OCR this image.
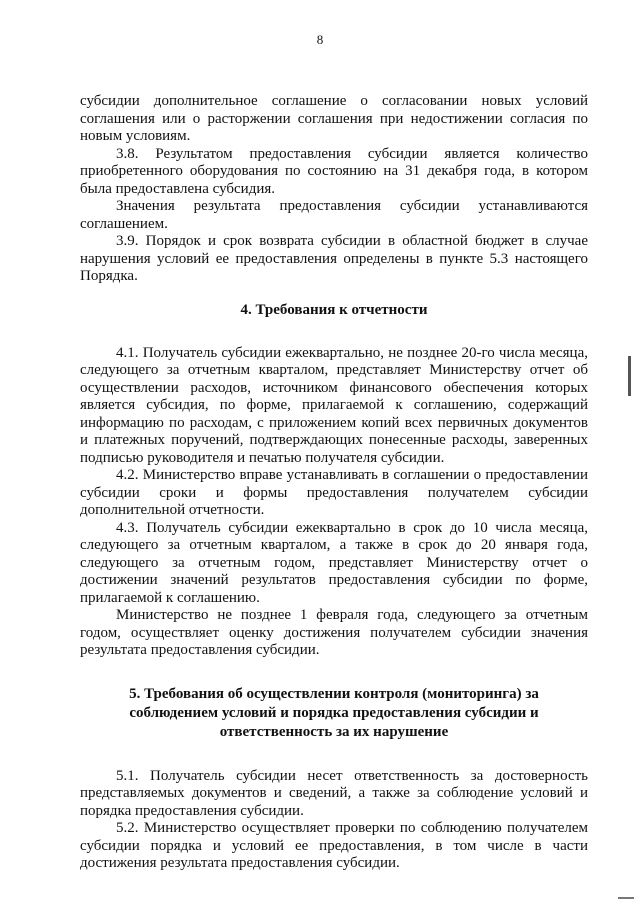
8

субсидии дополнительное соглашение о согласовании новых условий соглашения или о расторжении соглашения при недостижении согласия по новым условиям.

3.8. Результатом предоставления субсидии является количество приобретенного оборудования по состоянию на 31 декабря года, в котором была предоставлена субсидия.

Значения результата предоставления субсидии устанавливаются

соглашением.

3.9. Порядок и срок возврата субсидии в областной бюджет в случае нарушения условий ее предоставления определены в пункте 5.3 настоящего Порядка.

4. Требования к отчетности

4.1. Получатель субсидии ежеквартально, не позднее 20-го числа месяца, следующего за отчетным кварталом, представляет Министерству отчет об осуществлении расходов, источником финансового обеспечения которых является субсидия, по форме, прилагаемой к соглашению, содержащий информацию по расходам, с приложением копий всех первичных документов и платежных поручений, подтверждающих понесенные расходы, заверенных подписью руководителя и печатью получателя субсидии.

4.2. Министерство вправе устанавливать в соглашении о предоставлении субсидии сроки и формы предоставления получателем субсидии дополнительной отчетности.

4.3. Получатель субсидии ежеквартально в срок до 10 числа месяца, следующего за отчетным кварталом, а также в срок до 20 января года, следующего за отчетным годом, представляет Министерству отчет о достижении значений результатов предоставления субсидии по форме, прилагаемой к соглашению.

Министерство не позднее 1 февраля года, следующего за отчетным годом, осуществляет оценку достижения получателем субсидии значения результата предоставления субсидии.

5. Требования об осуществлении контроля (мониторинга) за
соблюдением условий и порядка предоставления субсидии и
ответственность за их нарушение

5.1. Получатель субсидии несет ответственность за достоверность представляемых документов и сведений, а также за соблюдение условий и порядка предоставления субсидии.

5.2. Министерство осуществляет проверки по соблюдению получателем субсидии порядка и условий ее предоставления, в том числе в части достижения результата предоставления субсидии.
